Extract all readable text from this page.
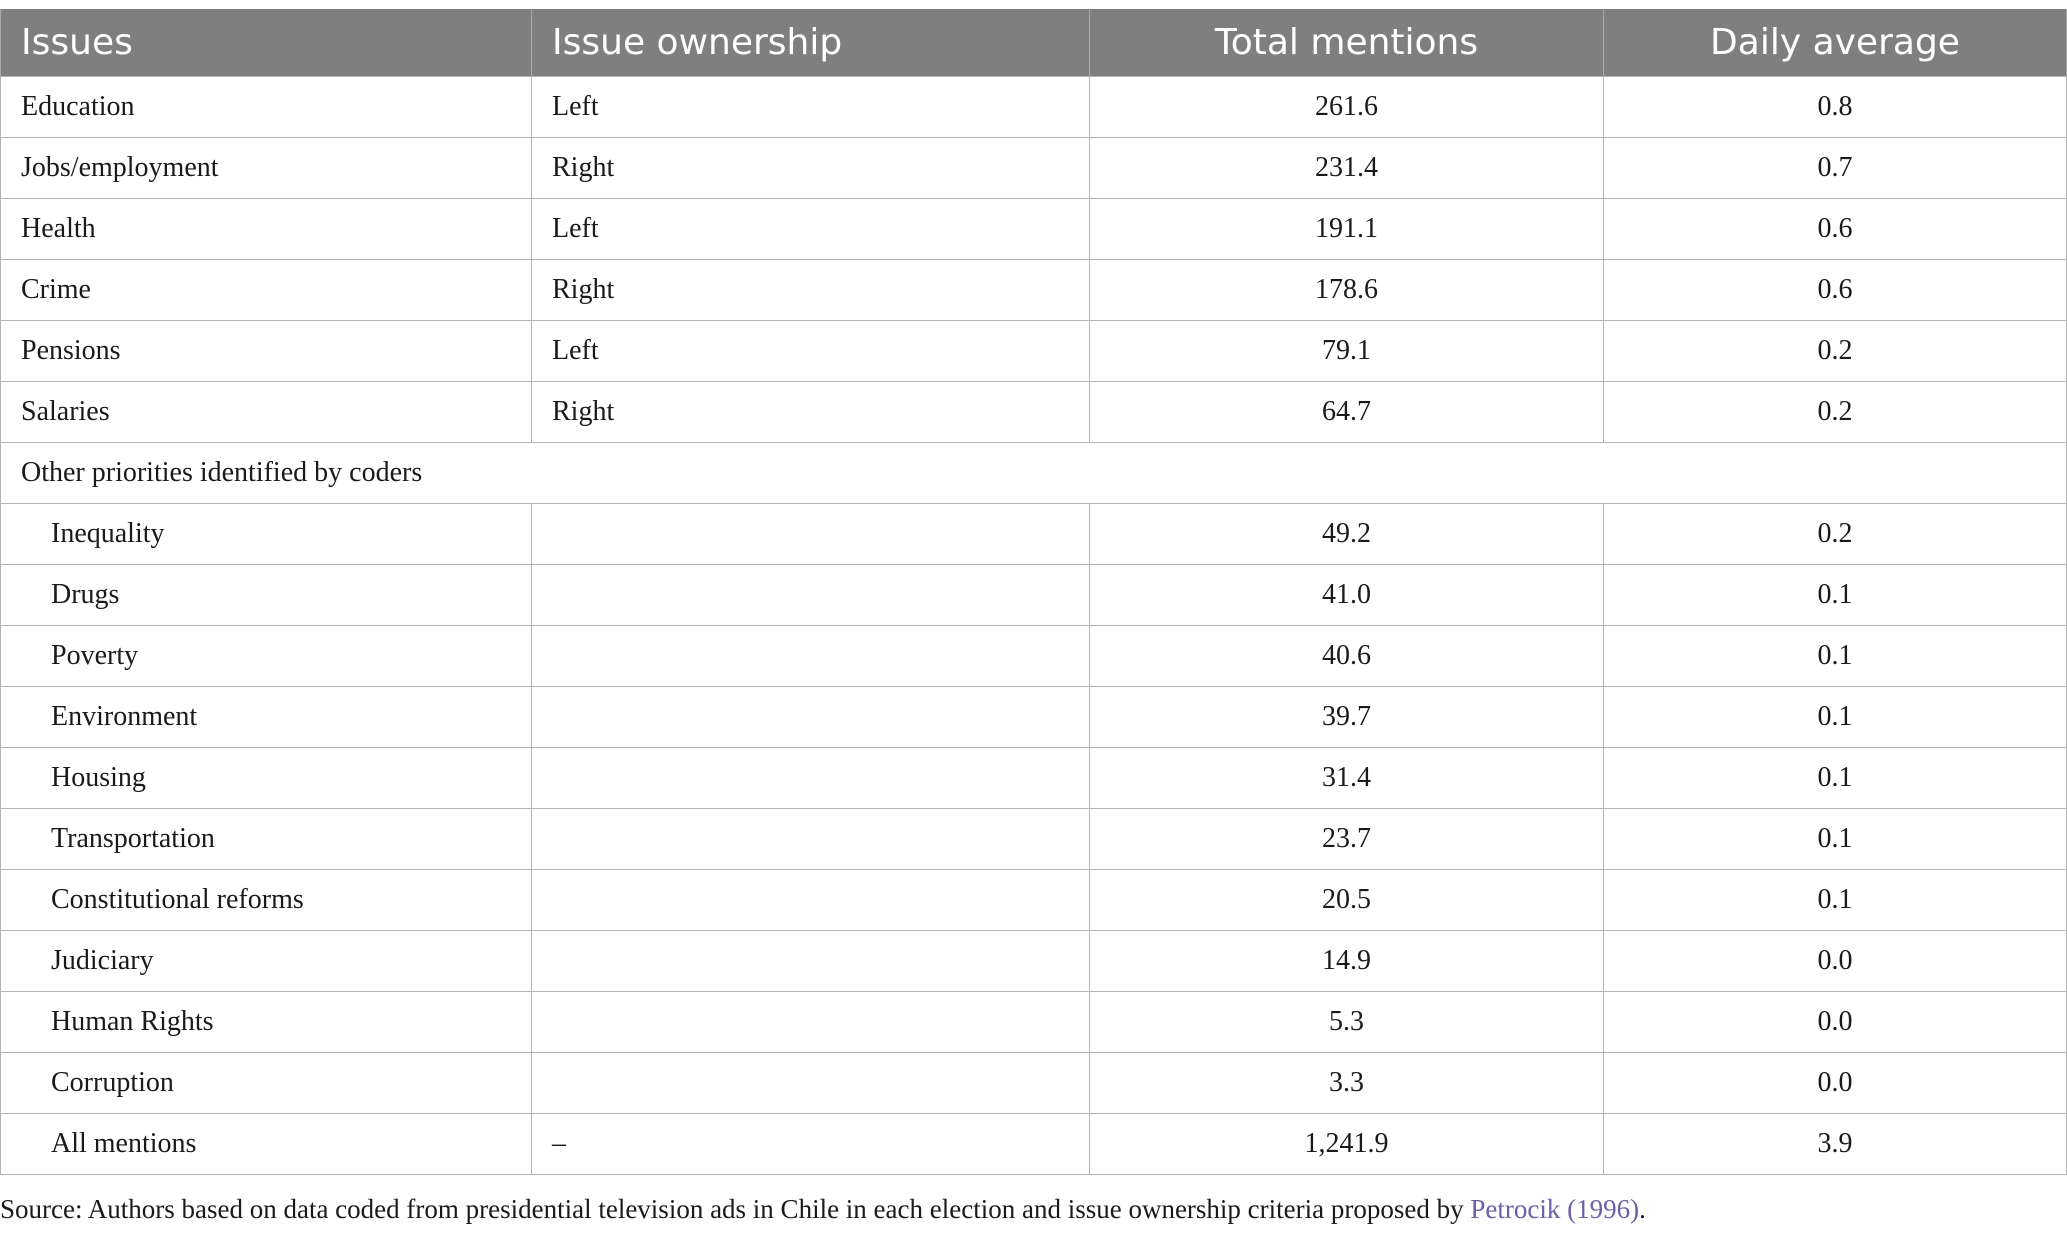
Issues	Issue ownership	Total mentions	Daily average
Education	Left	261.6	0.8
Jobs/employment	Right	231.4	0.7
Health	Left	191.1	0.6
Crime	Right	178.6	0.6
Pensions	Left	79.1	0.2
Salaries	Right	64.7	0.2
Other priorities identified by coders			
Inequality		49.2	0.2
Drugs		41.0	0.1
Poverty		40.6	0.1
Environment		39.7	0.1
Housing		31.4	0.1
Transportation		23.7	0.1
Constitutional reforms		20.5	0.1
Judiciary		14.9	0.0
Human Rights		5.3	0.0
Corruption		3.3	0.0
All mentions	–	1,241.9	3.9
Source: Authors based on data coded from presidential television ads in Chile in each election and issue ownership criteria proposed by Petrocik (1996).
